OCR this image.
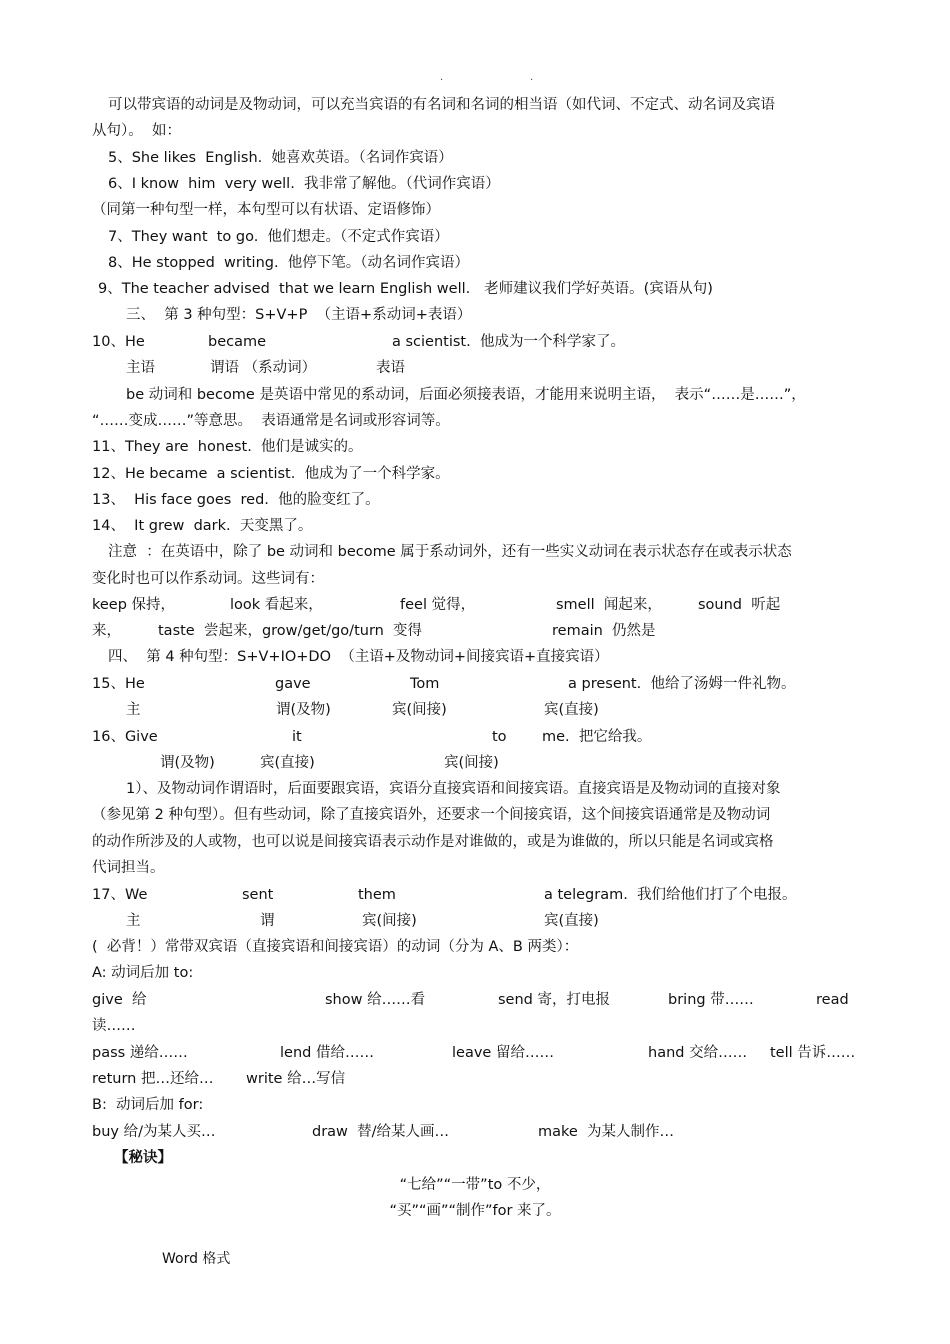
.	.
可以带宾语的动词是及物动词，可以充当宾语的有名词和名词的相当语（如代词、不定式、动名词及宾语
从句）。  如：
5、She likes  English.  她喜欢英语。（名词作宾语）
6、I know  him  very well.  我非常了解他。（代词作宾语）
（同第一种句型一样，本句型可以有状语、定语修饰）
7、They want  to go.  他们想走。（不定式作宾语）
8、He stopped  writing.  他停下笔。（动名词作宾语）
9、The teacher advised  that we learn English well.   老师建议我们学好英语。(宾语从句)
三、  第 3 种句型：S+V+P  （主语+系动词+表语）
10、He	became	a scientist.  他成为一个科学家了。
主语	谓语 （系动词）	表语
be 动词和 become 是英语中常见的系动词，后面必须接表语，才能用来说明主语，  表示“……是……”，
“……变成……”等意思。  表语通常是名词或形容词等。
11、They are  honest.  他们是诚实的。
12、He became  a scientist.  他成为了一个科学家。
13、  His face goes  red.  他的脸变红了。
14、  It grew  dark.  天变黑了。
注意  ：在英语中，除了 be 动词和 become 属于系动词外，还有一些实义动词在表示状态存在或表示状态
变化时也可以作系动词。这些词有：
keep 保持，	look 看起来，	feel 觉得，	smell  闻起来， sound  听起
来，	taste  尝起来，grow/get/go/turn  变得	remain  仍然是
四、  第 4 种句型：S+V+IO+DO  （主语+及物动词+间接宾语+直接宾语）
15、He	gave	Tom	a present.  他给了汤姆一件礼物。
主	谓(及物)	宾(间接)	宾(直接)
16、Give	it	to me.  把它给我。
谓(及物)	宾(直接)	宾(间接)
1）、及物动词作谓语时，后面要跟宾语，宾语分直接宾语和间接宾语。直接宾语是及物动词的直接对象
（参见第 2 种句型）。但有些动词，除了直接宾语外，还要求一个间接宾语，这个间接宾语通常是及物动词
的动作所涉及的人或物，也可以说是间接宾语表示动作是对谁做的，或是为谁做的，所以只能是名词或宾格
代词担当。
17、We	sent	them	a telegram.  我们给他们打了个电报。
主	谓	宾(间接)	宾(直接)
(  必背！）常带双宾语（直接宾语和间接宾语）的动词（分为 A、B 两类）：
A: 动词后加 to:
give  给	show 给……看	send 寄，打电报	bring 带……	read
读……
pass 递给……	lend 借给……	leave 留给……	hand 交给…… tell 告诉……
return 把…还给… write 给…写信
B:  动词后加 for:
buy 给/为某人买…	draw  替/给某人画…	make  为某人制作…
【秘诀】
“七给”“一带”to 不少，
“买”“画”“制作”for 来了。
Word 格式
